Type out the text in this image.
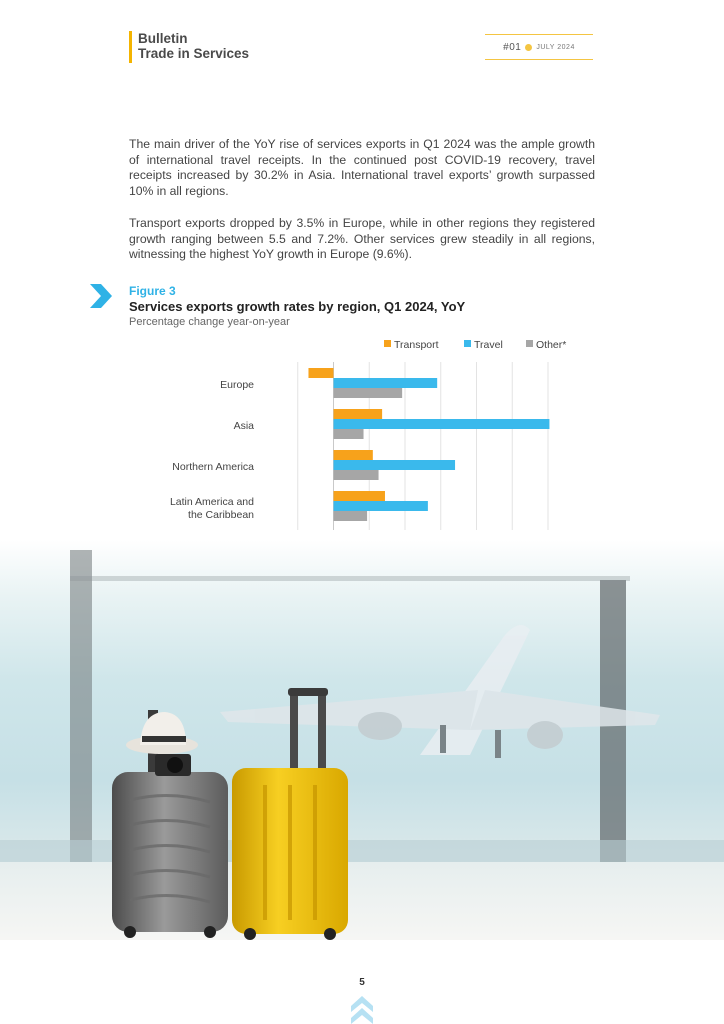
Bulletin
Trade in Services	#01 JULY 2024

The main driver of the YoY rise of services exports in Q1 2024 was the ample growth of international travel receipts. In the continued post COVID-19 recovery, travel receipts increased by 30.2% in Asia. International travel exports’ growth surpassed 10% in all regions.

Transport exports dropped by 3.5% in Europe, while in other regions they registered growth ranging between 5.5 and 7.2%. Other services grew steadily in all regions, witnessing the highest YoY growth in Europe (9.6%).

Figure 3
Services exports growth rates by region, Q1 2024, YoY
Percentage change year-on-year
Transport	Travel	Other*
Europe
Asia
Northern America
Latin America and
the Caribbean
5
